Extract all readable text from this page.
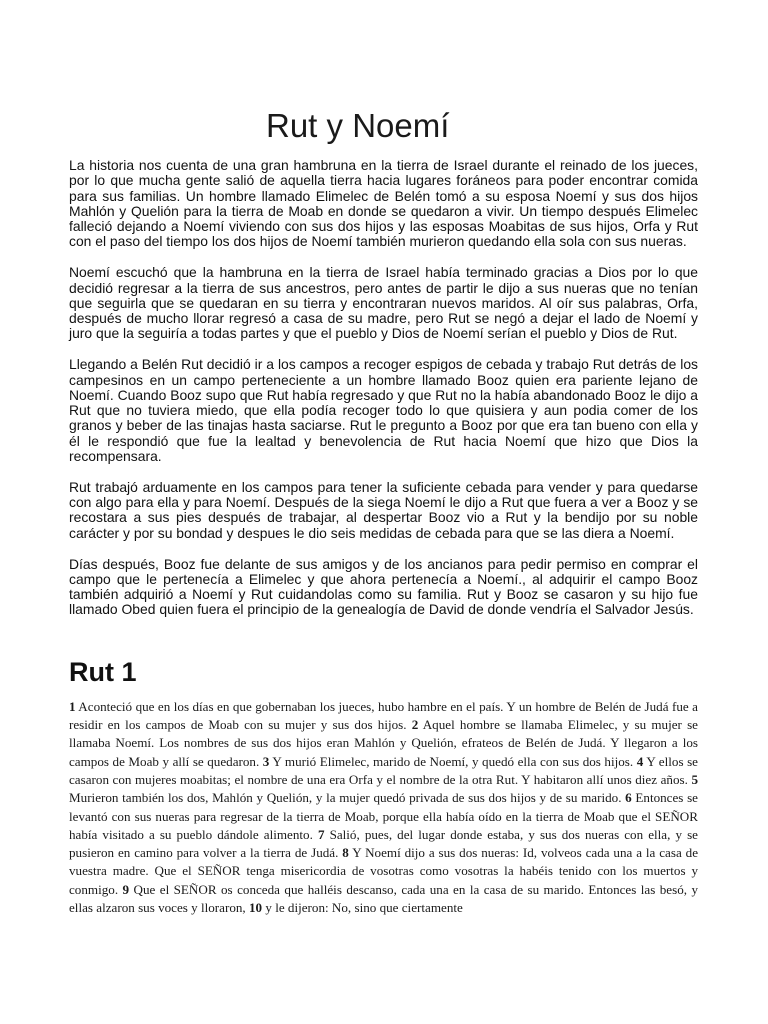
Rut y Noemí

La historia nos cuenta de una gran hambruna en la tierra de Israel durante el reinado de los jueces, por lo que mucha gente salió de aquella tierra hacia lugares foráneos para poder encontrar comida para sus familias. Un hombre llamado Elimelec de Belén tomó a su esposa Noemí y sus dos hijos Mahlón y Quelión para la tierra de Moab en donde se quedaron a vivir. Un tiempo después Elimelec falleció dejando a Noemí viviendo con sus dos hijos y las esposas Moabitas de sus hijos, Orfa y Rut con el paso del tiempo los dos hijos de Noemí también murieron quedando ella sola con sus nueras.

Noemí escuchó que la hambruna en la tierra de Israel había terminado gracias a Dios por lo que decidió regresar a la tierra de sus ancestros, pero antes de partir le dijo a sus nueras que no tenían que seguirla que se quedaran en su tierra y encontraran nuevos maridos. Al oír sus palabras, Orfa, después de mucho llorar regresó a casa de su madre, pero Rut se negó a dejar el lado de Noemí y juro que la seguiría a todas partes y que el pueblo y Dios de Noemí serían el pueblo y Dios de Rut.

Llegando a Belén Rut decidió ir a los campos a recoger espigos de cebada y trabajo Rut detrás de los campesinos en un campo perteneciente a un hombre llamado Booz quien era pariente lejano de Noemí. Cuando Booz supo que Rut había regresado y que Rut no la había abandonado Booz le dijo a Rut que no tuviera miedo, que ella podía recoger todo lo que quisiera y aun podia comer de los granos y beber de las tinajas hasta saciarse. Rut le pregunto a Booz por que era tan bueno con ella y él le respondió que fue la lealtad y benevolencia de Rut hacia Noemí que hizo que Dios la recompensara.

Rut trabajó arduamente en los campos para tener la suficiente cebada para vender y para quedarse con algo para ella y para Noemí. Después de la siega Noemí le dijo a Rut que fuera a ver a Booz y se recostara a sus pies después de trabajar, al despertar Booz vio a Rut y la bendijo por su noble carácter y por su bondad y despues le dio seis medidas de cebada para que se las diera a Noemí.

Días después, Booz fue delante de sus amigos y de los ancianos para pedir permiso en comprar el campo que le pertenecía a Elimelec y que ahora pertenecía a Noemí., al adquirir el campo Booz también adquirió a Noemí y Rut cuidandolas como su familia. Rut y Booz se casaron y su hijo fue llamado Obed quien fuera el principio de la genealogía de David de donde vendría el Salvador Jesús.

Rut 1
1 Aconteció que en los días en que gobernaban los jueces, hubo hambre en el país. Y un hombre de Belén de Judá fue a residir en los campos de Moab con su mujer y sus dos hijos. 2 Aquel hombre se llamaba Elimelec, y su mujer se llamaba Noemí. Los nombres de sus dos hijos eran Mahlón y Quelión, efrateos de Belén de Judá. Y llegaron a los campos de Moab y allí se quedaron. 3 Y murió Elimelec, marido de Noemí, y quedó ella con sus dos hijos. 4 Y ellos se casaron con mujeres moabitas; el nombre de una era Orfa y el nombre de la otra Rut. Y habitaron allí unos diez años. 5 Murieron también los dos, Mahlón y Quelión, y la mujer quedó privada de sus dos hijos y de su marido. 6 Entonces se levantó con sus nueras para regresar de la tierra de Moab, porque ella había oído en la tierra de Moab que el SEÑOR había visitado a su pueblo dándole alimento. 7 Salió, pues, del lugar donde estaba, y sus dos nueras con ella, y se pusieron en camino para volver a la tierra de Judá. 8 Y Noemí dijo a sus dos nueras: Id, volveos cada una a la casa de vuestra madre. Que el SEÑOR tenga misericordia de vosotras como vosotras la habéis tenido con los muertos y conmigo. 9 Que el SEÑOR os conceda que halléis descanso, cada una en la casa de su marido. Entonces las besó, y ellas alzaron sus voces y lloraron, 10 y le dijeron: No, sino que ciertamente
